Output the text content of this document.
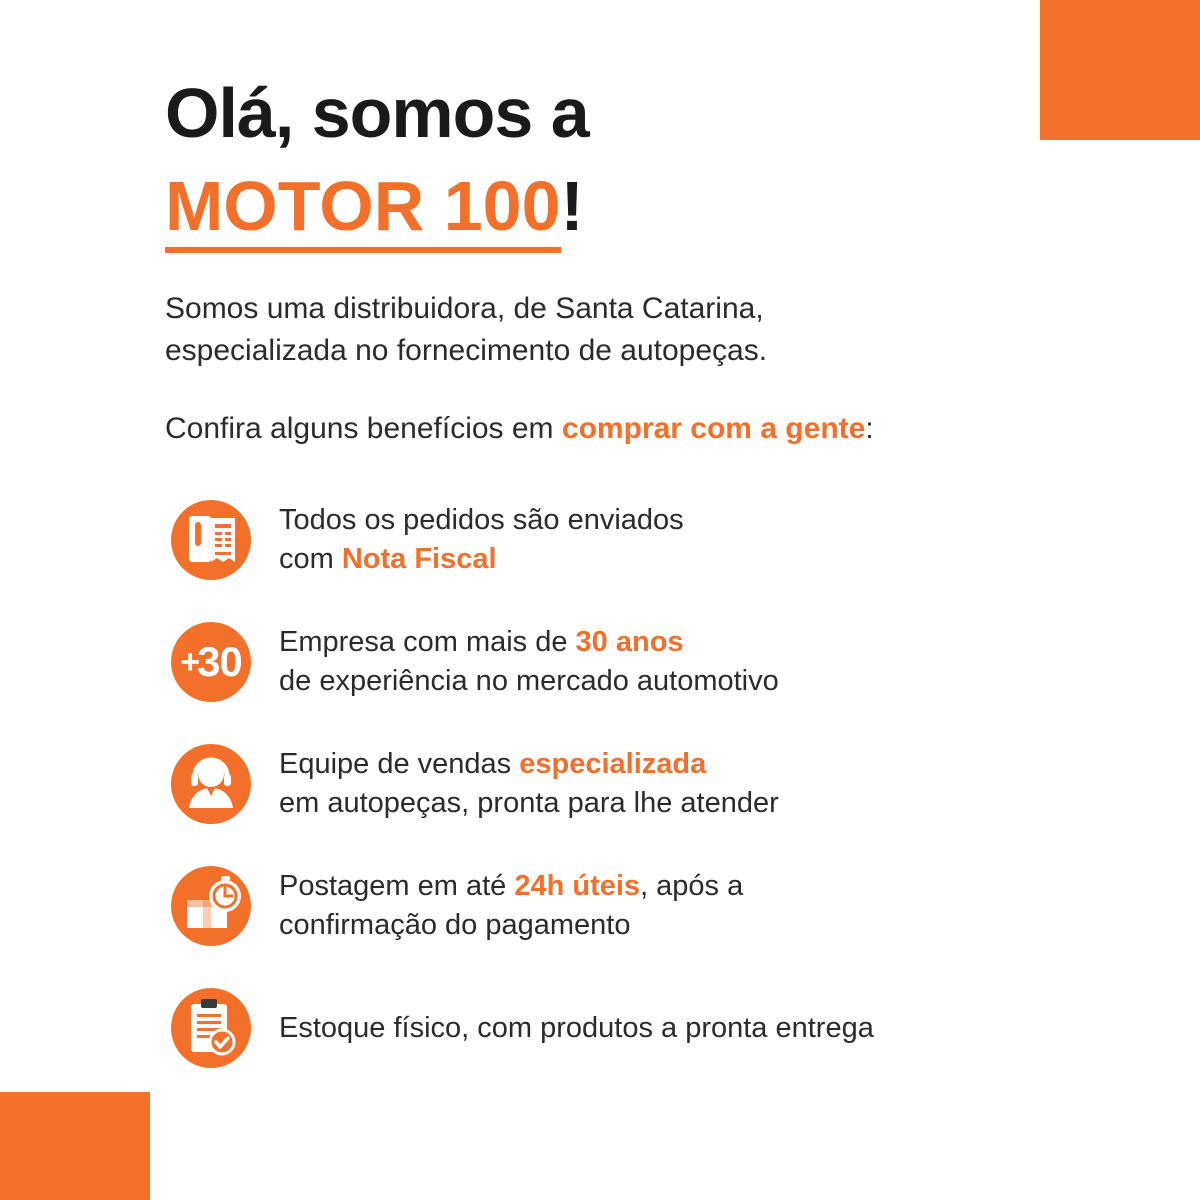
Olá, somos a
MOTOR 100!

Somos uma distribuidora, de Santa Catarina,
especializada no fornecimento de autopeças.

Confira alguns benefícios em comprar com a gente:

Todos os pedidos são enviados
com Nota Fiscal
+
30 Empresa com mais de 30 anos
de experiência no mercado automotivo
Equipe de vendas especializada
em autopeças, pronta para lhe atender
Postagem em até 24h úteis, após a
confirmação do pagamento
Estoque físico, com produtos a pronta entrega
